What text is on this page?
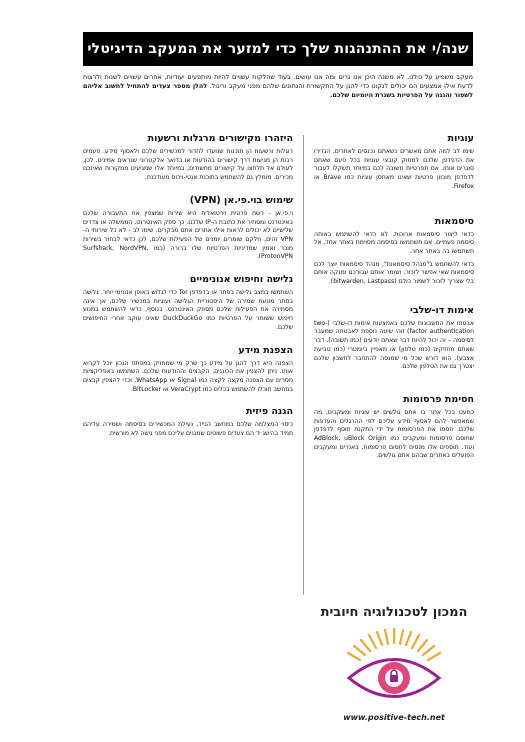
שנה/י את ההתנהגות שלך כדי למזער את המעקב הדיגיטלי
מעקב משפיע על כולנו, לא משנה היכן אנו גרים ומה אנו עושים. בעוד שהלקוח עשויים להיות מותפעים יעודיות, אחרים עשויים לשנות ולרצות לדעת אילו אמצעים הם יכולים לנקוט כדי להגן על התקשורת והנתונים שלהם מפני מעקב וריגול. להלן מספר צעדים להתחיל לחשוב אליהם לשפור והגנה על הפרטיות בשגרת היומיום שלכם.
עוגיות

שימו לב למה אתם מאשרים כשאתם נכנסים לאתרים. הגדירו את הדפדפן שלכם למחוק קובצי עוגיות בכל פעם שאתם סוגרים אותו. אם תפרטיות חשובה לכם במיוחד תשקלו לעבור לדפדפן מוכוון פרטיות שאינו מאחסן עוגיות כמו Brave או Firefox.

סיסמאות

כדאי ליצור סיסמאות ארוכות, לא כדאי להשתמש באותה סיסמה פעמיים. אם תשתמשו בסיסמה מסוימת באתר אחד, אל תשתמשו בה באתר אחר.

כדאי להשתמש ב"מנהל סיסמאות", מנהל סיסמאות יוצר לכם סיסמאות שאי אפשר לזכור, ושומר אותם עבורכם ומנקה אותם בלי שצריך לזכור לשמור כולם (bitwarden, Lastpass).

אימות דו-שלבי

אבטחו את החשבונות שלכם באמצעות אימות דו-שלבי (two-factor authentication) זוהי שיטה נוספת לאבטחה שמעבר לסיסמה – זה יכול להיות דבר שאתם יודעים (כמו תשובה), דבר שאתם מחזיקים (כמו טלפון) או מאפיין ביומטרי (כמו טביעת אצבע). הוא דורש שכל מי שמנסה להתחבר לחשבון שלכם יצטרך גם את הטלפון שלכם.

חסימת פרסומות

כמעט בכל אתר בו אתם גולשים יש עוגיות ומעקבים, מה שמאפשר להם לאסוף מידע עליכם לפי ההרגלים והעדפות שלכם. חסמו את הפרסומות על ידי התקנת תוסף לדפדפן שחוסם פרסומות ומעקבים כמו AdBlock, uBlock Origin ועוד. תוספים אלו מנסים לחסום פרסומות, באנרים ומעקבים הפועלים באתרים שבהם אתם גולשים.

היזהרו מקישורים מרגלות ורשעות

רוגלות ורשעות הן תוכנות שנועדו לחדור למכשירים שלכם ולאסוף מידע. פעמים רבות הן מגיעות דרך קישורים בהודעות או בדואר אלקטרוני שנראים אמינים. לכן, לעולם אל תלחצו על קישורים מחשודים, במיוחד אלו שמגיעים ממקורות שאינכם מכירים. מומלץ גם להשתמש בתוכנת אנטי-וירוס מעודכנת.

שימוש בוי.פי.אן (VPN)

וי.פי.אן - רשת פרטית וירטואלית היא שירות שמצפין את התעבורה שלכם באינטרנט ומסתיר את כתובת ה-IP שלכם. כך ספק האינטרנט, הממשלה או צדדים שלישיים לא יכולים לראות אילו אתרים אתם מבקרים. שימו לב - לא כל שירותי ה-VPN זהים, חלקם שומרים יומנים של הפעילות שלכם, לכן כדאי לבחור בשירות מוכר ואמין שמדיניות הפרטיות שלו ברורה (כמו Surfshark, NordVPN, ProtonVPN).

גלישה וחיפוש אנונימיים

השתמשו במצב גלישה בסתר או בדפדפן Tor כדי לגלוש באופן אנונימי יותר. גלישה בסתר מונעת שמירה של היסטוריית הגלישה ועוגיות במכשיר שלכם, אך אינה מסתירה את הפעילות שלכם מספק האינטרנט. בנוסף, כדאי להשתמש במנוע חיפוש ששומר על הפרטיות כמו DuckDuckGo שאינו עוקב אחרי החיפושים שלכם.

הצפנת מידע

הצפנה היא דרך להגן על מידע כך שרק מי שמחזיק במפתח הנכון יוכל לקרוא אותו. ניתן להצפין את הכוננים, הקבצים וההודעות שלכם. השתמשו באפליקציות מסרים עם הצפנה מקצה לקצה כמו Signal או WhatsApp, וכדי להצפין קבצים במחשב תוכלו להשתמש בכלים כמו VeraCrypt או BitLocker.

הגנה פיזית

כיסוי המצלמה שלכם במחשב הנייד, נעילת המכשירים בסיסמה ושמירה עליהם תמיד בהישג יד הם צעדים פשוטים שמגנים עליכם מפני גישה לא מורשית.

המכון לטכנולוגיה חיובית
www.positive-tech.net
